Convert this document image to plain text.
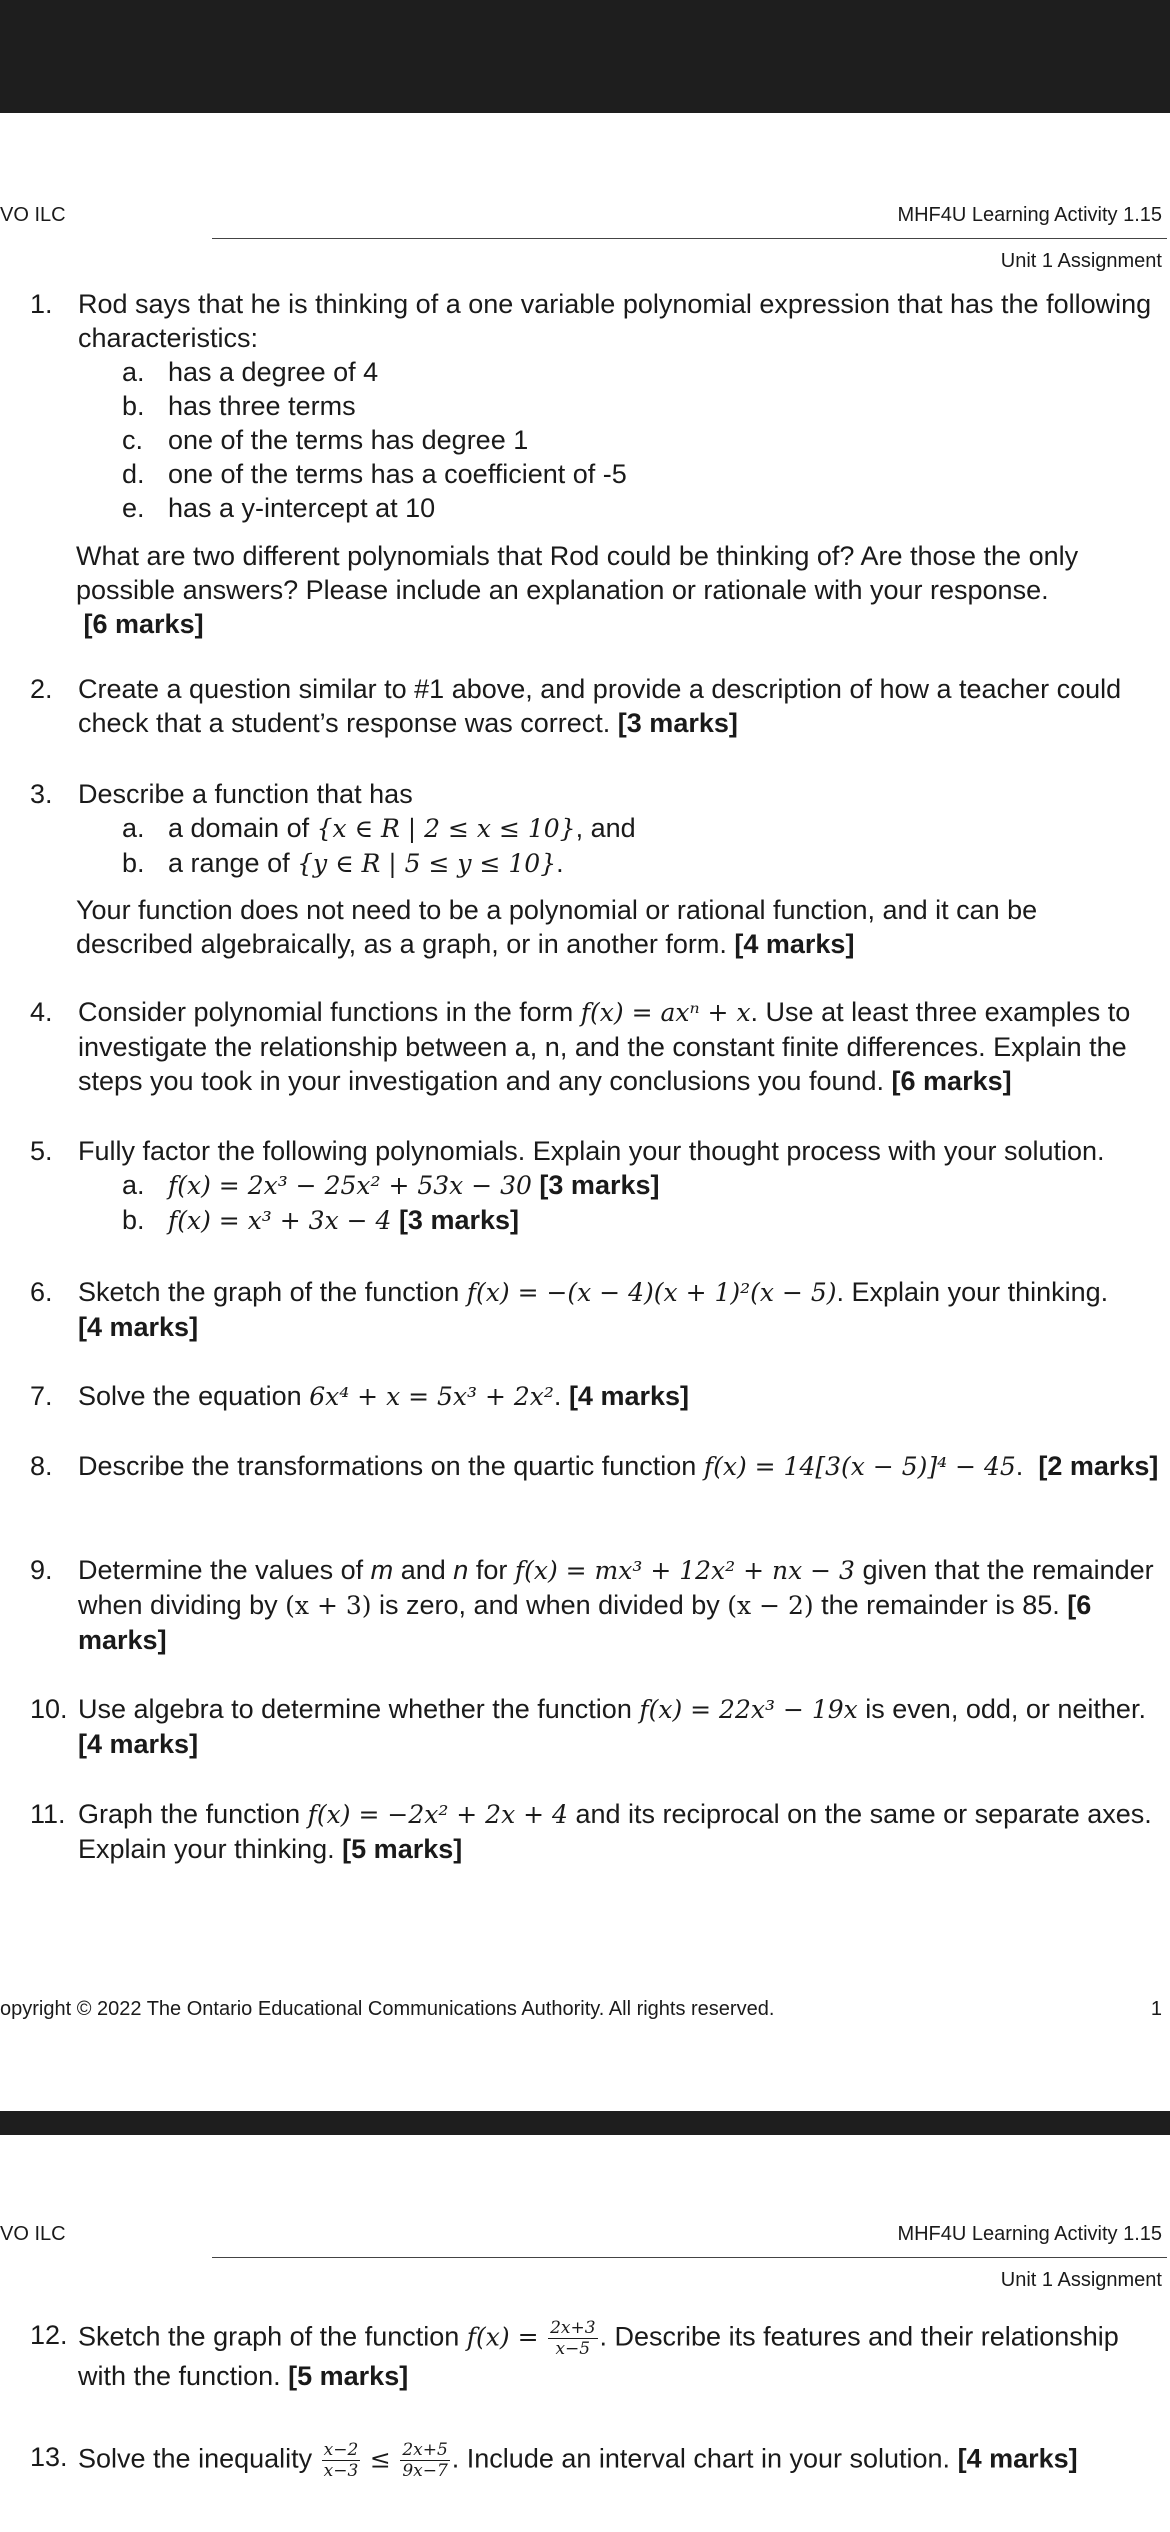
VO ILC	MHF4U Learning Activity 1.15
Unit 1 Assignment
1. Rod says that he is thinking of a one variable polynomial expression that has the following characteristics:
a. has a degree of 4
b. has three terms
c. one of the terms has degree 1
d. one of the terms has a coefficient of -5
e. has a y-intercept at 10
What are two different polynomials that Rod could be thinking of? Are those the only possible answers? Please include an explanation or rationale with your response.
[6 marks]
2. Create a question similar to #1 above, and provide a description of how a teacher could check that a student’s response was correct. [3 marks]
3. Describe a function that has
a. a domain of {x ∈ R | 2 ≤ x ≤ 10}, and
b. a range of {y ∈ R | 5 ≤ y ≤ 10}.
Your function does not need to be a polynomial or rational function, and it can be described algebraically, as a graph, or in another form. [4 marks]
4. Consider polynomial functions in the form f(x) = axⁿ + x. Use at least three examples to investigate the relationship between a, n, and the constant finite differences. Explain the steps you took in your investigation and any conclusions you found. [6 marks]
5. Fully factor the following polynomials. Explain your thought process with your solution.
a. f(x) = 2x³ − 25x² + 53x − 30 [3 marks]
b. f(x) = x³ + 3x − 4 [3 marks]
6. Sketch the graph of the function f(x) = −(x − 4)(x + 1)²(x − 5). Explain your thinking.
[4 marks]
7. Solve the equation 6x⁴ + x = 5x³ + 2x². [4 marks]
8. Describe the transformations on the quartic function f(x) = 14[3(x − 5)]⁴ − 45. [2 marks]
9. Determine the values of m and n for f(x) = mx³ + 12x² + nx − 3 given that the remainder when dividing by (x + 3) is zero, and when divided by (x − 2) the remainder is 85. [6 marks]
10. Use algebra to determine whether the function f(x) = 22x³ − 19x is even, odd, or neither. [4 marks]
11. Graph the function f(x) = −2x² + 2x + 4 and its reciprocal on the same or separate axes. Explain your thinking. [5 marks]
opyright © 2022 The Ontario Educational Communications Authority. All rights reserved.	1
VO ILC	MHF4U Learning Activity 1.15
Unit 1 Assignment
12. Sketch the graph of the function $f(x) = \frac{2x+3}{x-5}$ . Describe its features and their relationship with the function. [5 marks]
13. Solve the inequality $\frac{x-2}{x-3} \le \frac{2x+5}{9x-7}$ . Include an interval chart in your solution. [4 marks]
